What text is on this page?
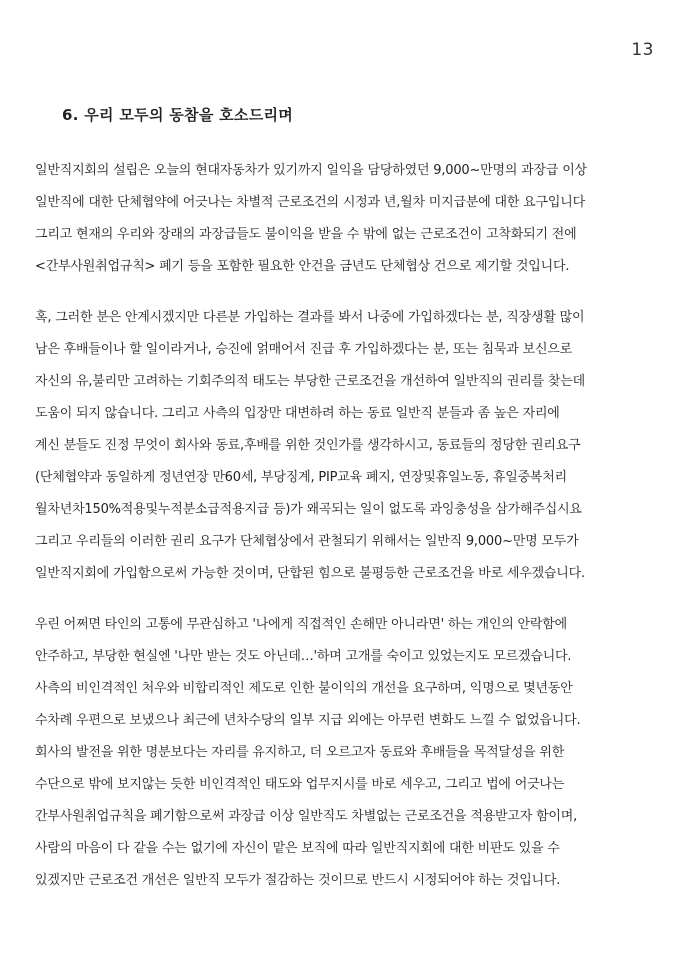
13
6. 우리 모두의 동참을 호소드리며
일반직지회의 설립은 오늘의 현대자동차가 있기까지 일익을 담당하였던 9,000~만명의 과장급 이상
일반직에 대한 단체협약에 어긋나는 차별적 근로조건의 시정과 년,월차 미지급분에 대한 요구입니다
그리고 현재의 우리와 장래의 과장급들도 불이익을 받을 수 밖에 없는 근로조건이 고착화되기 전에
<간부사원취업규칙> 폐기 등을 포함한 필요한 안건을 금년도 단체협상 건으로 제기할 것입니다.
혹, 그러한 분은 안계시겠지만 다른분 가입하는 결과를 봐서 나중에 가입하겠다는 분, 직장생활 많이
남은 후배들이나 할 일이라거나, 승진에 얽매어서 진급 후 가입하겠다는 분, 또는 침묵과 보신으로
자신의 유,불리만 고려하는 기회주의적 태도는 부당한 근로조건을 개선하여 일반직의 권리를 찾는데
도움이 되지 않습니다. 그리고 사측의 입장만 대변하려 하는 동료 일반직 분들과 좀 높은 자리에
계신 분들도 진정 무엇이 회사와 동료,후배를 위한 것인가를 생각하시고, 동료들의 정당한 권리요구
(단체협약과 동일하게 정년연장 만60세, 부당징계, PIP교육 폐지, 연장및휴일노동, 휴일중복처리
월차년차150%적용및누적분소급적용지급 등)가 왜곡되는 일이 없도록 과잉충성을 삼가해주십시요
그리고 우리들의 이러한 권리 요구가 단체협상에서 관철되기 위해서는 일반직 9,000~만명 모두가
일반직지회에 가입함으로써 가능한 것이며, 단합된 힘으로 불평등한 근로조건을 바로 세우겠습니다.
우린 어쩌면 타인의 고통에 무관심하고 '나에게 직접적인 손해만 아니라면' 하는 개인의 안락함에
안주하고, 부당한 현실엔 '나만 받는 것도 아닌데…'하며 고개를 숙이고 있었는지도 모르겠습니다.
사측의 비인격적인 처우와 비합리적인 제도로 인한 불이익의 개선을 요구하며, 익명으로 몇년동안
수차례 우편으로 보냈으나 최근에 년차수당의 일부 지급 외에는 아무런 변화도 느낄 수 없었읍니다.
회사의 발전을 위한 명분보다는 자리를 유지하고, 더 오르고자 동료와 후배들을 목적달성을 위한
수단으로 밖에 보지않는 듯한 비인격적인 태도와 업무지시를 바로 세우고, 그리고 법에 어긋나는
간부사원취업규칙을 폐기함으로써 과장급 이상 일반직도 차별없는 근로조건을 적용받고자 함이며,
사람의 마음이 다 같을 수는 없기에 자신이 맡은 보직에 따라 일반직지회에 대한 비판도 있을 수
있겠지만 근로조건 개선은 일반직 모두가 절감하는 것이므로 반드시 시정되어야 하는 것입니다.
